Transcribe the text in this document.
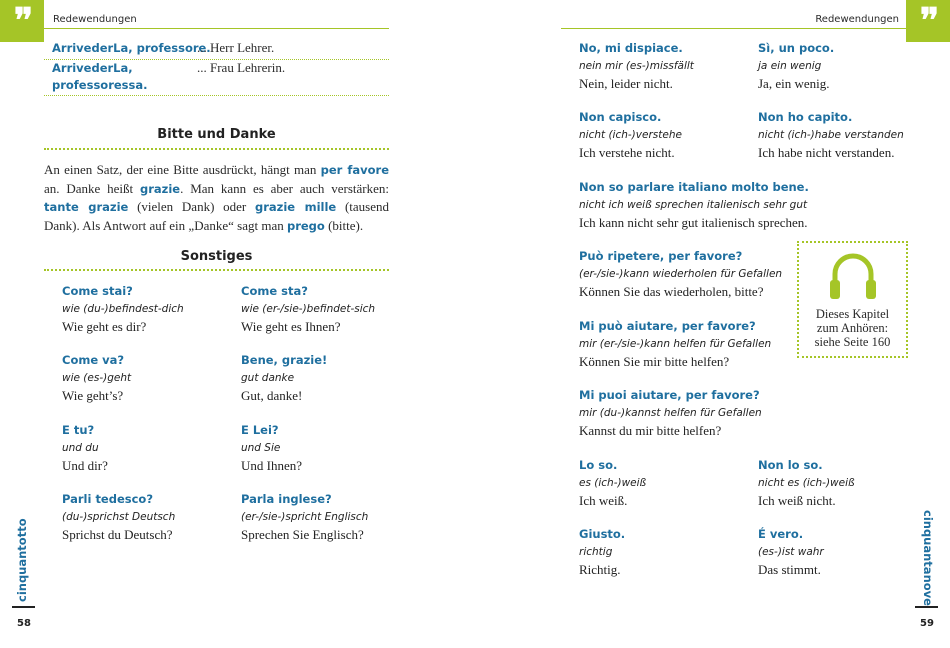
❜❜	Redewendungen
ArrivederLa, professore.
... Herr Lehrer.
ArrivederLa,
professoressa.
... Frau Lehrerin.
Bitte und Danke
An einen Satz, der eine Bitte ausdrückt, hängt man per favore an. Danke heißt grazie. Man kann es aber auch verstärken: tante grazie (vielen Dank) oder grazie mille (tausend Dank). Als Antwort auf ein „Danke“ sagt man prego (bitte).
Sonstiges
Come stai?
wie (du-)befindest-dich
Wie geht es dir?
Come sta?
wie (er-/sie-)befindet-sich
Wie geht es Ihnen?
Come va?
wie (es-)geht
Wie geht’s?
Bene, grazie!
gut danke
Gut, danke!
E tu?
und du
Und dir?
E Lei?
und Sie
Und Ihnen?
Parli tedesco?
(du-)sprichst Deutsch
Sprichst du Deutsch?
Parla inglese?
(er-/sie-)spricht Englisch
Sprechen Sie Englisch?
cinquantotto
58
❜❜
Redewendungen
No, mi dispiace.
nein mir (es-)missfällt
Nein, leider nicht.
Sì, un poco.
ja ein wenig
Ja, ein wenig.
Non capisco.
nicht (ich-)verstehe
Ich verstehe nicht.
Non ho capito.
nicht (ich-)habe verstanden
Ich habe nicht verstanden.
Non so parlare italiano molto bene.
nicht ich weiß sprechen italienisch sehr gut
Ich kann nicht sehr gut italienisch sprechen.
Può ripetere, per favore?
(er-/sie-)kann wiederholen für Gefallen
Können Sie das wiederholen, bitte?
Mi può aiutare, per favore?
mir (er-/sie-)kann helfen für Gefallen
Können Sie mir bitte helfen?
Mi puoi aiutare, per favore?
mir (du-)kannst helfen für Gefallen
Kannst du mir bitte helfen?
Lo so.
es (ich-)weiß
Ich weiß.
Non lo so.
nicht es (ich-)weiß
Ich weiß nicht.
Giusto.
richtig
Richtig.
É vero.
(es-)ist wahr
Das stimmt.
Dieses Kapitel
zum Anhören:
siehe Seite 160
cinquantanove
59
